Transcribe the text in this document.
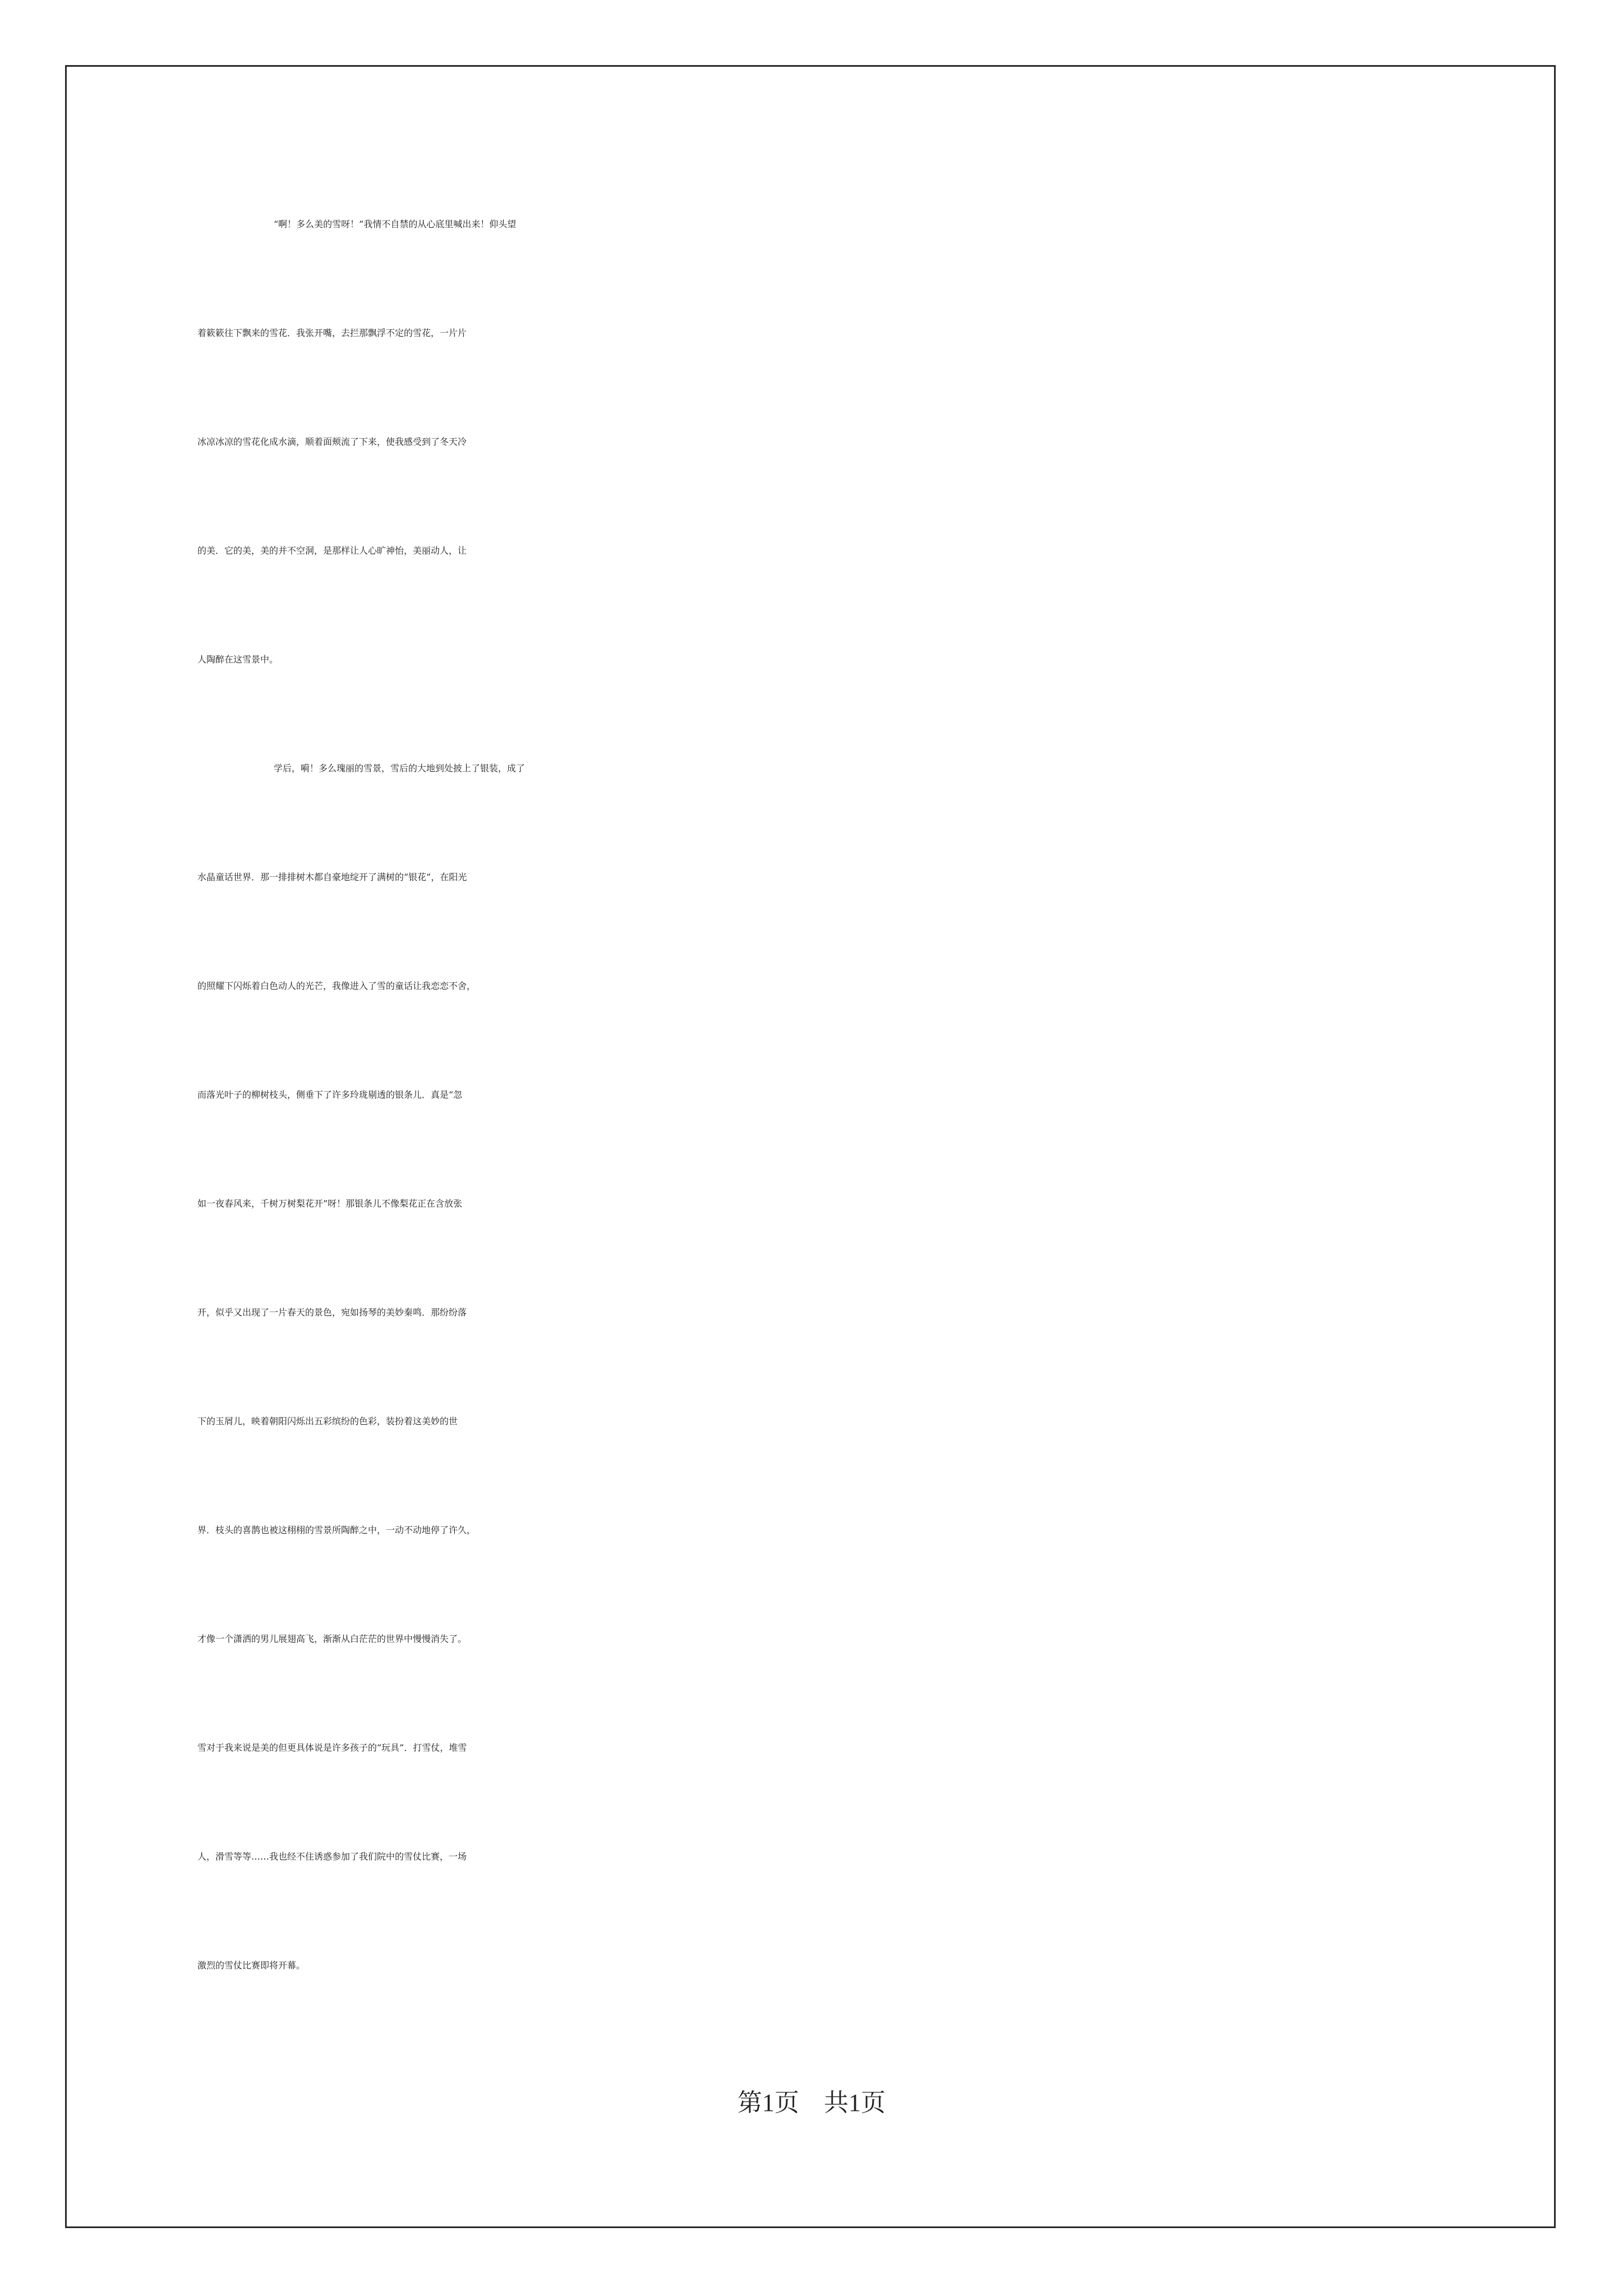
“啊！多么美的雪呀！”我情不自禁的从心底里喊出来！仰头望
着簌簌往下飘来的雪花．我张开嘴，去拦那飘浮不定的雪花，一片片
冰凉冰凉的雪花化成水滴，顺着面颊流了下来，使我感受到了冬天冷
的美．它的美，美的并不空洞，是那样让人心旷神怡，美丽动人，让
人陶醉在这雪景中。
学后，嗬！多么瑰丽的雪景，雪后的大地到处披上了银装，成了
水晶童话世界．那一排排树木都自豪地绽开了满树的“银花”，在阳光
的照耀下闪烁着白色动人的光芒，我像进入了雪的童话让我恋恋不舍，
而落光叶子的柳树枝头，侧垂下了许多玲珑剔透的银条儿．真是“忽
如一夜春风来，千树万树梨花开”呀！那银条儿不像梨花正在含放张
开，似乎又出现了一片春天的景色，宛如扬琴的美妙秦鸣．那纷纷落
下的玉屑儿，映着朝阳闪烁出五彩缤纷的色彩，装扮着这美妙的世
界．枝头的喜鹊也被这栩栩的雪景所陶醉之中，一动不动地停了许久，
才像一个潇洒的男儿展翅高飞，渐渐从白茫茫的世界中慢慢消失了。
雪对于我来说是美的但更具体说是许多孩子的“玩具”．打雪仗，堆雪
人，滑雪等等……我也经不住诱惑参加了我们院中的雪仗比赛，一场
激烈的雪仗比赛即将开幕。
第1页　共1页
